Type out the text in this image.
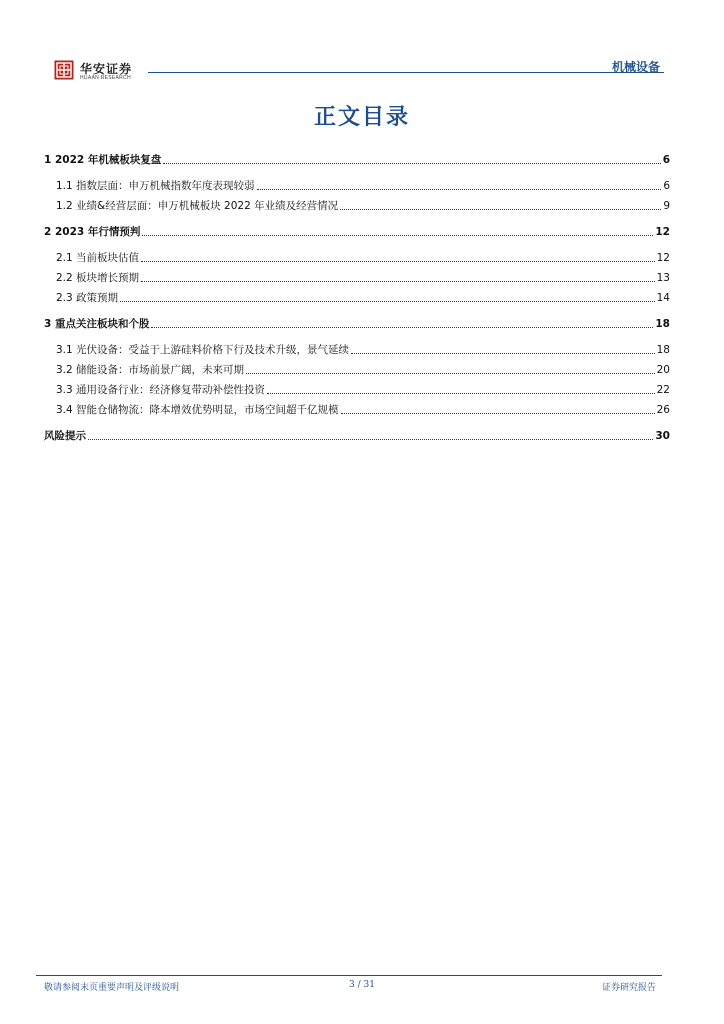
华安证券
HUAAN RESEARCH
机械设备
正文目录
1 2022 年机械板块复盘	6
1.1 指数层面：申万机械指数年度表现较弱	6
1.2 业绩&经营层面：申万机械板块 2022 年业绩及经营情况	9
2 2023 年行情预判	12
2.1 当前板块估值	12
2.2 板块增长预期	13
2.3 政策预期	14
3 重点关注板块和个股	18
3.1 光伏设备：受益于上游硅料价格下行及技术升级，景气延续	18
3.2 储能设备：市场前景广阔，未来可期	20
3.3 通用设备行业：经济修复带动补偿性投资	22
3.4 智能仓储物流：降本增效优势明显，市场空间超千亿规模	26
风险提示	30
敬请参阅末页重要声明及评级说明	3 / 31	证券研究报告
